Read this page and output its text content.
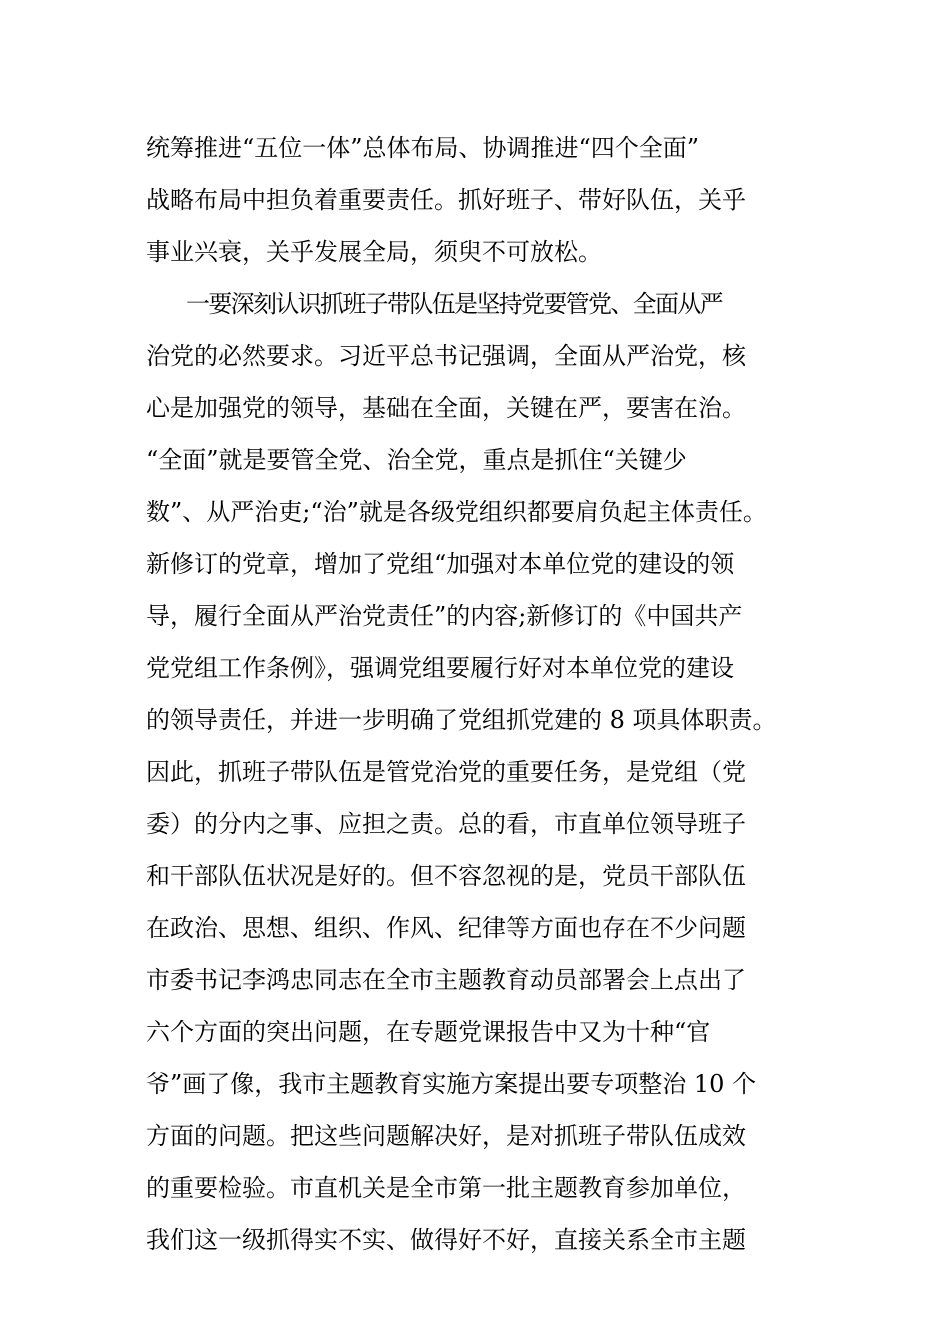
统筹推进“五位一体”总体布局、协调推进“四个全面”
战略布局中担负着重要责任。抓好班子、带好队伍，关乎
事业兴衰，关乎发展全局，须臾不可放松。
一要深刻认识抓班子带队伍是坚持党要管党、全面从严
治党的必然要求。习近平总书记强调，全面从严治党，核
心是加强党的领导，基础在全面，关键在严，要害在治。
“全面”就是要管全党、治全党，重点是抓住“关键少
数”、从严治吏;“治”就是各级党组织都要肩负起主体责任。
新修订的党章，增加了党组“加强对本单位党的建设的领
导，履行全面从严治党责任”的内容;新修订的《中国共产
党党组工作条例》，强调党组要履行好对本单位党的建设
的领导责任，并进一步明确了党组抓党建的 8 项具体职责。
因此，抓班子带队伍是管党治党的重要任务，是党组（党
委）的分内之事、应担之责。总的看，市直单位领导班子
和干部队伍状况是好的。但不容忽视的是，党员干部队伍
在政治、思想、组织、作风、纪律等方面也存在不少问题
市委书记李鸿忠同志在全市主题教育动员部署会上点出了
六个方面的突出问题，在专题党课报告中又为十种“官
爷”画了像，我市主题教育实施方案提出要专项整治 10 个
方面的问题。把这些问题解决好，是对抓班子带队伍成效
的重要检验。市直机关是全市第一批主题教育参加单位，
我们这一级抓得实不实、做得好不好，直接关系全市主题
